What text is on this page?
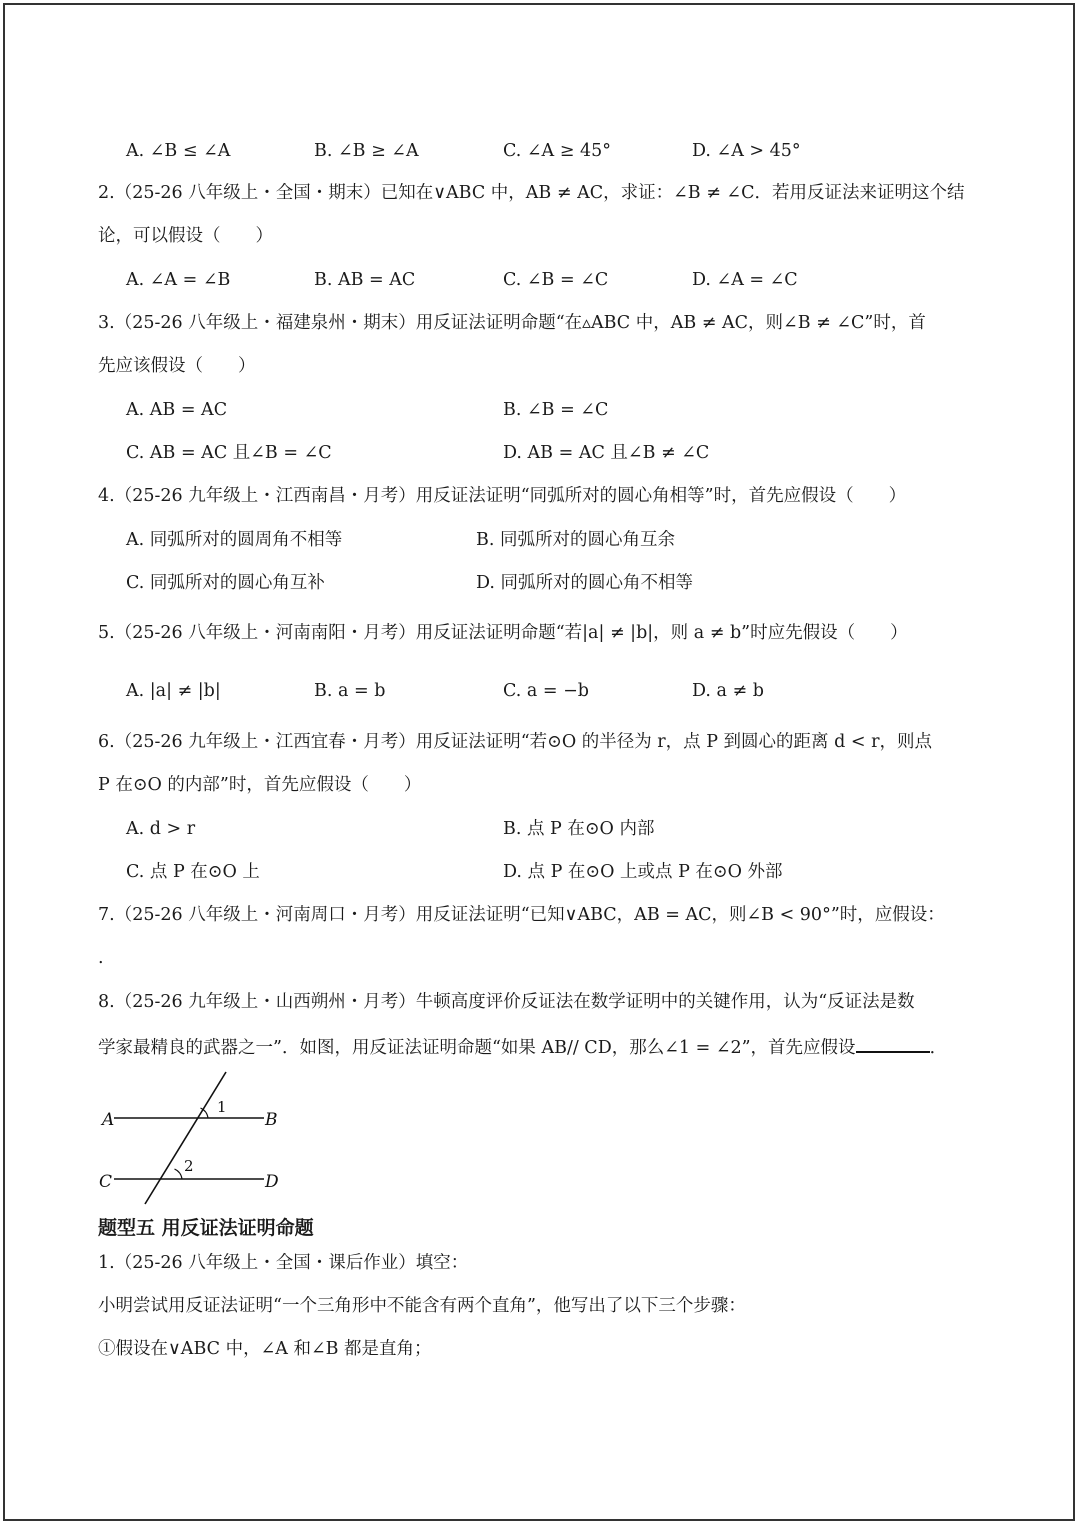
A. ∠B ≤ ∠A	B. ∠B ≥ ∠A	C. ∠A ≥ 45°	D. ∠A > 45°
2.（25-26 八年级上・全国・期末）已知在∨ABC 中，AB ≠ AC，求证：∠B ≠ ∠C．若用反证法来证明这个结
论，可以假设（　　）
A. ∠A = ∠B	B. AB = AC	C. ∠B = ∠C	D. ∠A = ∠C
3.（25-26 八年级上・福建泉州・期末）用反证法证明命题“在▵ABC 中，AB ≠ AC，则∠B ≠ ∠C”时，首
先应该假设（　　）
A. AB = AC	B. ∠B = ∠C
C. AB = AC 且∠B = ∠C	D. AB = AC 且∠B ≠ ∠C
4.（25-26 九年级上・江西南昌・月考）用反证法证明“同弧所对的圆心角相等”时，首先应假设（　　）
A. 同弧所对的圆周角不相等	B. 同弧所对的圆心角互余
C. 同弧所对的圆心角互补	D. 同弧所对的圆心角不相等
5.（25-26 八年级上・河南南阳・月考）用反证法证明命题“若|a| ≠ |b|，则 a ≠ b”时应先假设（　　）
A. |a| ≠ |b|	B. a = b	C. a = −b	D. a ≠ b
6.（25-26 九年级上・江西宜春・月考）用反证法证明“若⊙O 的半径为 r，点 P 到圆心的距离 d < r，则点
P 在⊙O 的内部”时，首先应假设（　　）
A. d > r	B. 点 P 在⊙O 内部
C. 点 P 在⊙O 上	D. 点 P 在⊙O 上或点 P 在⊙O 外部
7.（25-26 八年级上・河南周口・月考）用反证法证明“已知∨ABC，AB = AC，则∠B < 90°”时，应假设：
.
8.（25-26 九年级上・山西朔州・月考）牛顿高度评价反证法在数学证明中的关键作用，认为“反证法是数
学家最精良的武器之一”．如图，用反证法证明命题“如果 AB// CD，那么∠1 = ∠2”，首先应假设	．
A	B
C	D
1
2
题型五 用反证法证明命题
1.（25-26 八年级上・全国・课后作业）填空：
小明尝试用反证法证明“一个三角形中不能含有两个直角”，他写出了以下三个步骤：
①假设在∨ABC 中，∠A 和∠B 都是直角；
